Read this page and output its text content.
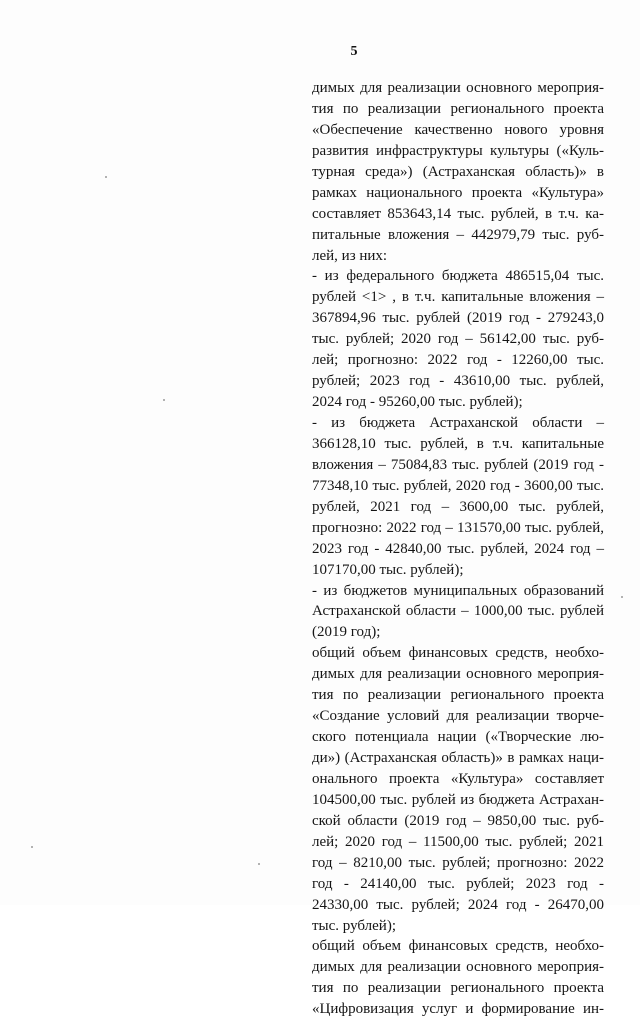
5
димых для реализации основного мероприя-
тия по реализации регионального проекта
«Обеспечение качественно нового уровня
развития инфраструктуры культуры («Куль-
турная среда») (Астраханская область)» в
рамках национального проекта «Культура»
составляет 853643,14 тыс. рублей, в т.ч. ка-
питальные вложения – 442979,79 тыс. руб-
лей, из них:
- из федерального бюджета 486515,04 тыс.
рублей <1> , в т.ч. капитальные вложения –
367894,96 тыс. рублей (2019 год - 279243,0
тыс. рублей; 2020 год – 56142,00 тыс. руб-
лей; прогнозно: 2022 год - 12260,00 тыс.
рублей; 2023 год - 43610,00 тыс. рублей,
2024 год - 95260,00 тыс. рублей);
- из бюджета Астраханской области –
366128,10 тыс. рублей, в т.ч. капитальные
вложения – 75084,83 тыс. рублей (2019 год -
77348,10 тыс. рублей, 2020 год - 3600,00 тыс.
рублей, 2021 год – 3600,00 тыс. рублей,
прогнозно: 2022 год – 131570,00 тыс. рублей,
2023 год - 42840,00 тыс. рублей, 2024 год –
107170,00 тыс. рублей);
- из бюджетов муниципальных образований
Астраханской области – 1000,00 тыс. рублей
(2019 год);
общий объем финансовых средств, необхо-
димых для реализации основного мероприя-
тия по реализации регионального проекта
«Создание условий для реализации творче-
ского потенциала нации («Творческие лю-
ди») (Астраханская область)» в рамках наци-
онального проекта «Культура» составляет
104500,00 тыс. рублей из бюджета Астрахан-
ской области (2019 год – 9850,00 тыс. руб-
лей; 2020 год – 11500,00 тыс. рублей; 2021
год – 8210,00 тыс. рублей; прогнозно: 2022
год - 24140,00 тыс. рублей; 2023 год -
24330,00 тыс. рублей; 2024 год - 26470,00
тыс. рублей);
общий объем финансовых средств, необхо-
димых для реализации основного мероприя-
тия по реализации регионального проекта
«Цифровизация услуг и формирование ин-
